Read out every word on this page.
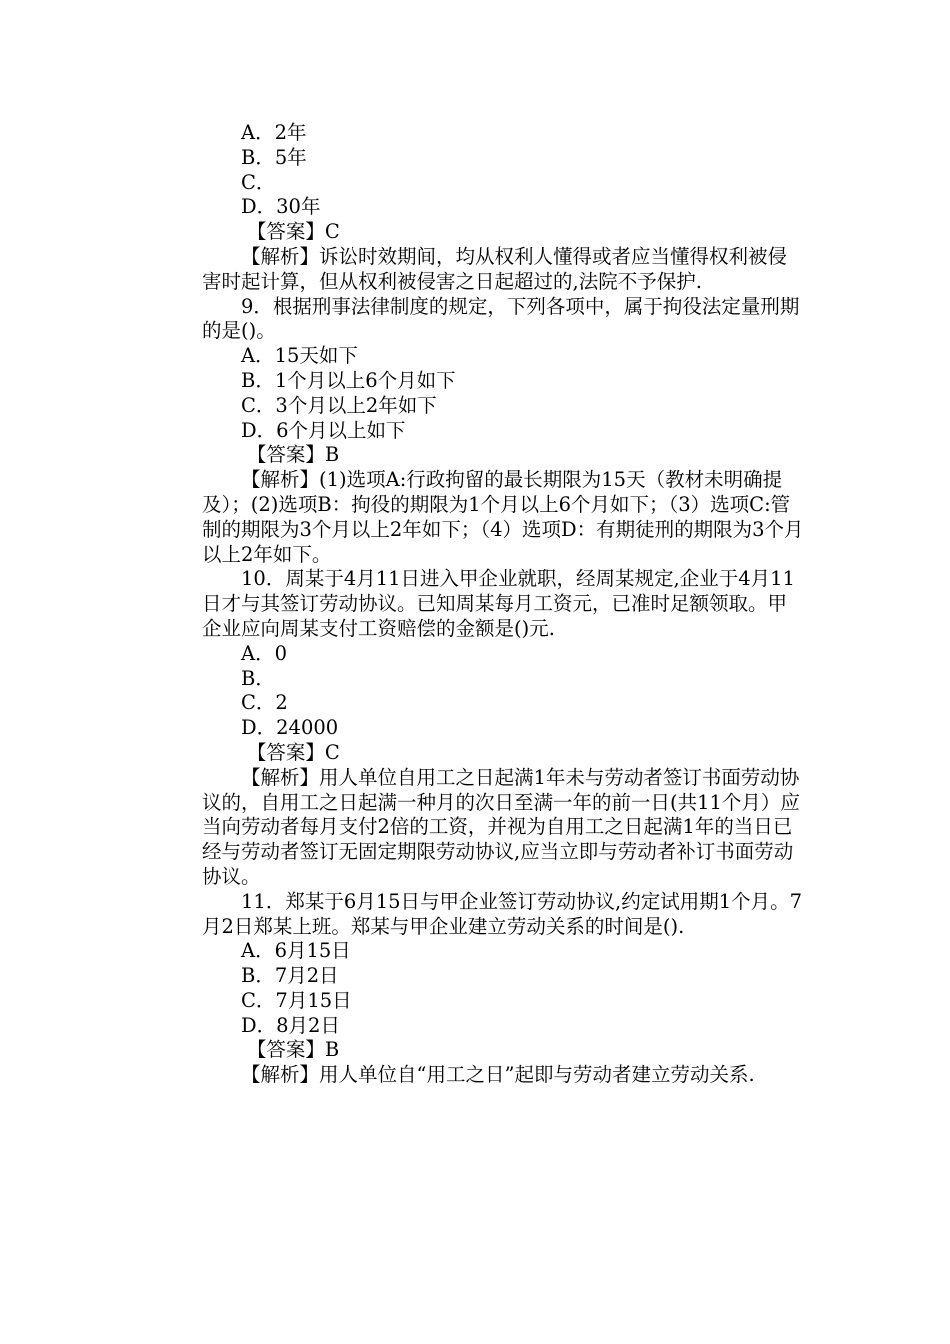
A．2年
B．5年
C．
D．30年
【答案】C
【解析】诉讼时效期间，均从权利人懂得或者应当懂得权利被侵害时起计算，但从权利被侵害之日起超过的,法院不予保护.
9．根据刑事法律制度的规定，下列各项中，属于拘役法定量刑期的是()。
A．15天如下
B．1个月以上6个月如下
C．3个月以上2年如下
D．6个月以上如下
【答案】B
【解析】(1)选项A:行政拘留的最长期限为15天（教材未明确提及）；(2)选项B：拘役的期限为1个月以上6个月如下；（3）选项C:管制的期限为3个月以上2年如下；（4）选项D：有期徒刑的期限为3个月以上2年如下。
10．周某于4月11日进入甲企业就职，经周某规定,企业于4月11日才与其签订劳动协议。已知周某每月工资元，已准时足额领取。甲企业应向周某支付工资赔偿的金额是()元.
A．0
B．
C．2
D．24000
【答案】C
【解析】用人单位自用工之日起满1年未与劳动者签订书面劳动协议的，自用工之日起满一种月的次日至满一年的前一日(共11个月）应当向劳动者每月支付2倍的工资，并视为自用工之日起满1年的当日已经与劳动者签订无固定期限劳动协议,应当立即与劳动者补订书面劳动协议。
11．郑某于6月15日与甲企业签订劳动协议,约定试用期1个月。7月2日郑某上班。郑某与甲企业建立劳动关系的时间是().
A．6月15日
B．7月2日
C．7月15日
D．8月2日
【答案】B
【解析】用人单位自“用工之日”起即与劳动者建立劳动关系.
